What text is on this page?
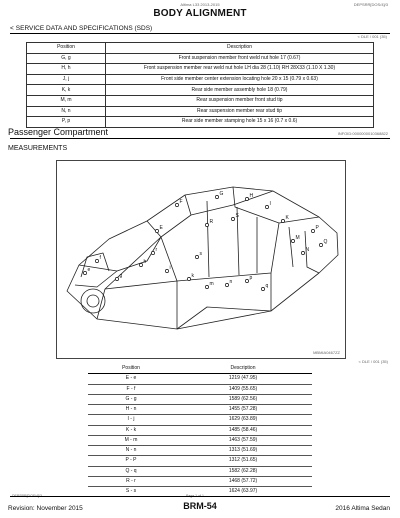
Altima L33 2013-2015	DEPSRR[DOS/4]/3
BODY ALIGNMENT
< SERVICE DATA AND SPECIFICATIONS (SDS)
< DLE / 001 (35)
Position	Description
G, g	Front suspension member front weld nut hole 17 (0.67)
H, h	Front suspension member rear weld nut hole LH dia 28 (1.10) RH 28X33 (1.10 X 1.30)
J, j	Front side member center extension locating hole 20 x 15 (0.79 x 0.63)
K, k	Rear side member assembly hole 18 (0.79)
M, m	Rear suspension member front stud tip
N, n	Rear suspension member rear stud tip
P, p	Rear side member stamping hole 15 x 16 (0.7 x 0.6)
Passenger Compartment	INFOID:0000000010368822
MEASUREMENTS
E
e
F
f
G
g
H
h
I
i
K
k
M
m
N
n
P
p
Q
q
R
r
S
s
MBMIA0467ZZ
< DLE / 001 (35)
Position	Description
E - e	1219 (47.95)
F - f	1409 (55.65)
G - g	1589 (62.56)
H - n	1455 (57.28)
I - j	1629 (63.89)
K - k	1485 (58.46)
M - m	1463 (57.59)
N - n	1313 (51.69)
P - P	1312 (51.65)
Q - q	1582 (62.28)
R - r	1468 (57.72)
S - s	1624 (63.97)
DEPSRR[DOS/4]/3	Page 1 of 1
Revision: November 2015	BRM-54	2016 Altima Sedan
